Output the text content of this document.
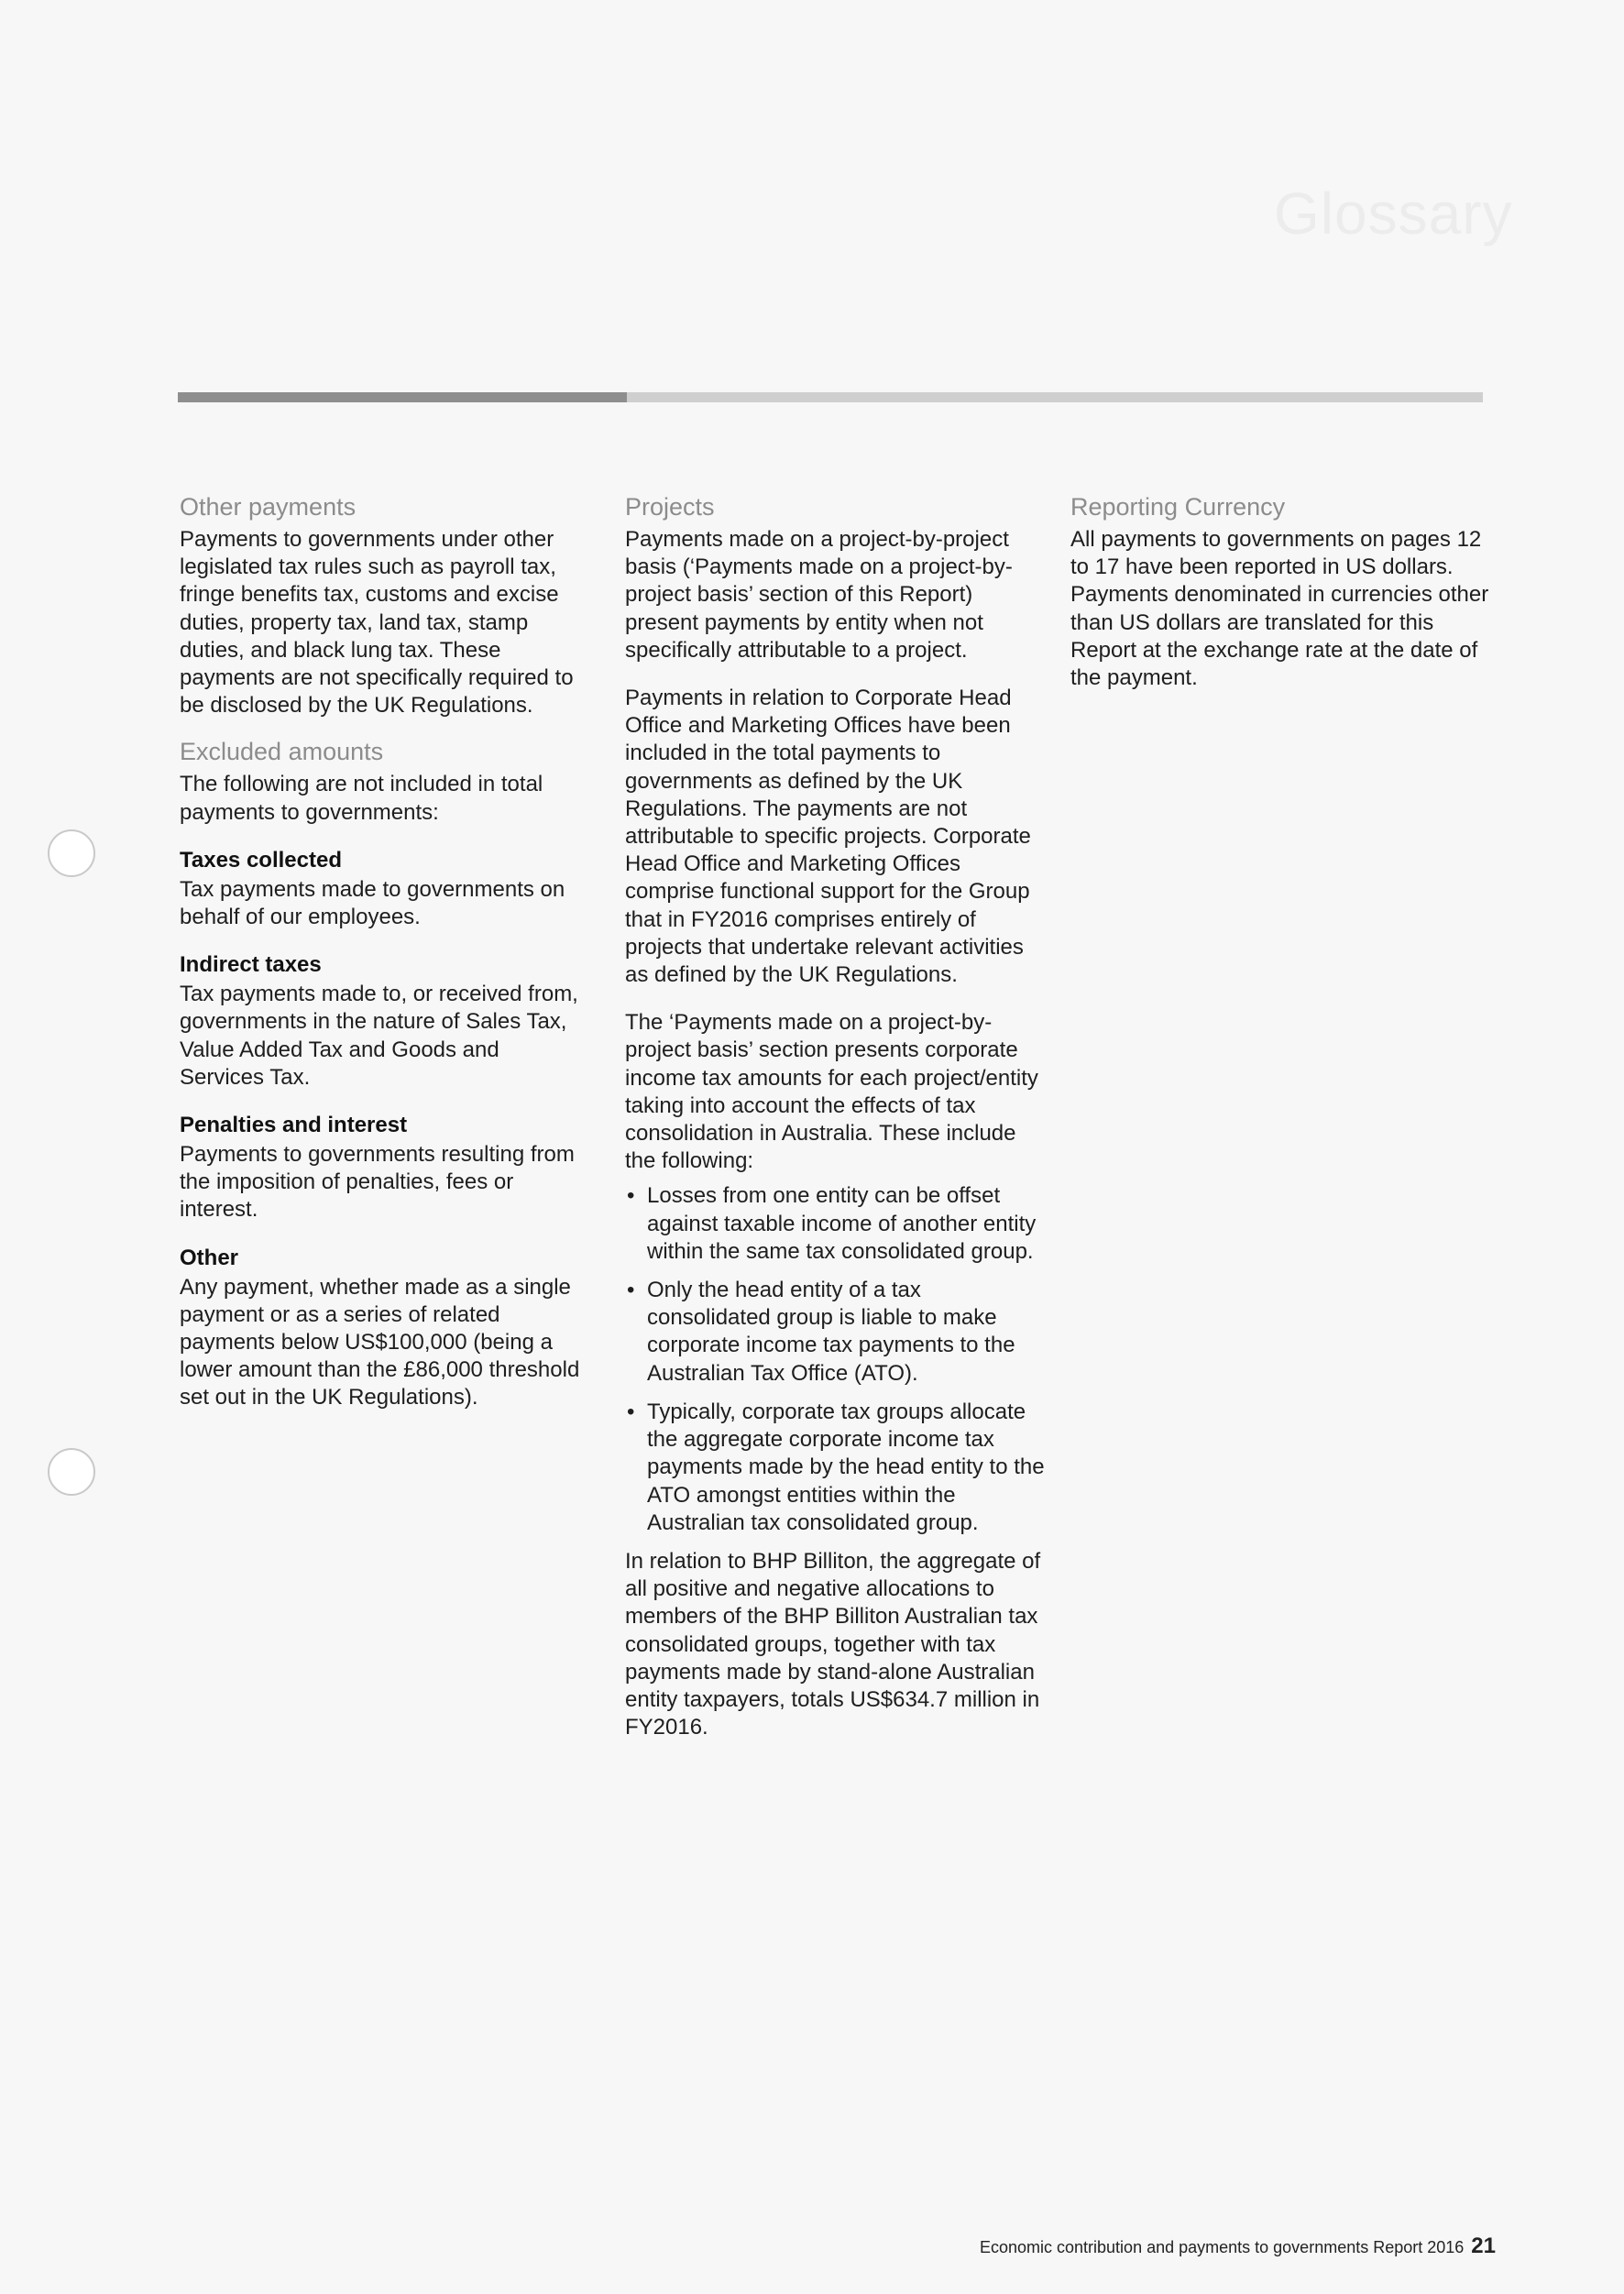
Glossary
Other payments

Payments to governments under other legislated tax rules such as payroll tax, fringe benefits tax, customs and excise duties, property tax, land tax, stamp duties, and black lung tax. These payments are not specifically required to be disclosed by the UK Regulations.

Excluded amounts

The following are not included in total payments to governments:

Taxes collected

Tax payments made to governments on behalf of our employees.

Indirect taxes

Tax payments made to, or received from, governments in the nature of Sales Tax, Value Added Tax and Goods and Services Tax.

Penalties and interest

Payments to governments resulting from the imposition of penalties, fees or interest.

Other

Any payment, whether made as a single payment or as a series of related payments below US$100,000 (being a lower amount than the £86,000 threshold set out in the UK Regulations).

Projects

Payments made on a project-by-project basis (‘Payments made on a project-by-project basis’ section of this Report) present payments by entity when not specifically attributable to a project.

Payments in relation to Corporate Head Office and Marketing Offices have been included in the total payments to governments as defined by the UK Regulations. The payments are not attributable to specific projects. Corporate Head Office and Marketing Offices comprise functional support for the Group that in FY2016 comprises entirely of projects that undertake relevant activities as defined by the UK Regulations.

The ‘Payments made on a project-by-project basis’ section presents corporate income tax amounts for each project/entity taking into account the effects of tax consolidation in Australia. These include the following:

• Losses from one entity can be offset against taxable income of another entity within the same tax consolidated group.
• Only the head entity of a tax consolidated group is liable to make corporate income tax payments to the Australian Tax Office (ATO).
• Typically, corporate tax groups allocate the aggregate corporate income tax payments made by the head entity to the ATO amongst entities within the Australian tax consolidated group.

In relation to BHP Billiton, the aggregate of all positive and negative allocations to members of the BHP Billiton Australian tax consolidated groups, together with tax payments made by stand-alone Australian entity taxpayers, totals US$634.7 million in FY2016.

Reporting Currency

All payments to governments on pages 12 to 17 have been reported in US dollars. Payments denominated in currencies other than US dollars are translated for this Report at the exchange rate at the date of the payment.

Economic contribution and payments to governments Report 2016 21
